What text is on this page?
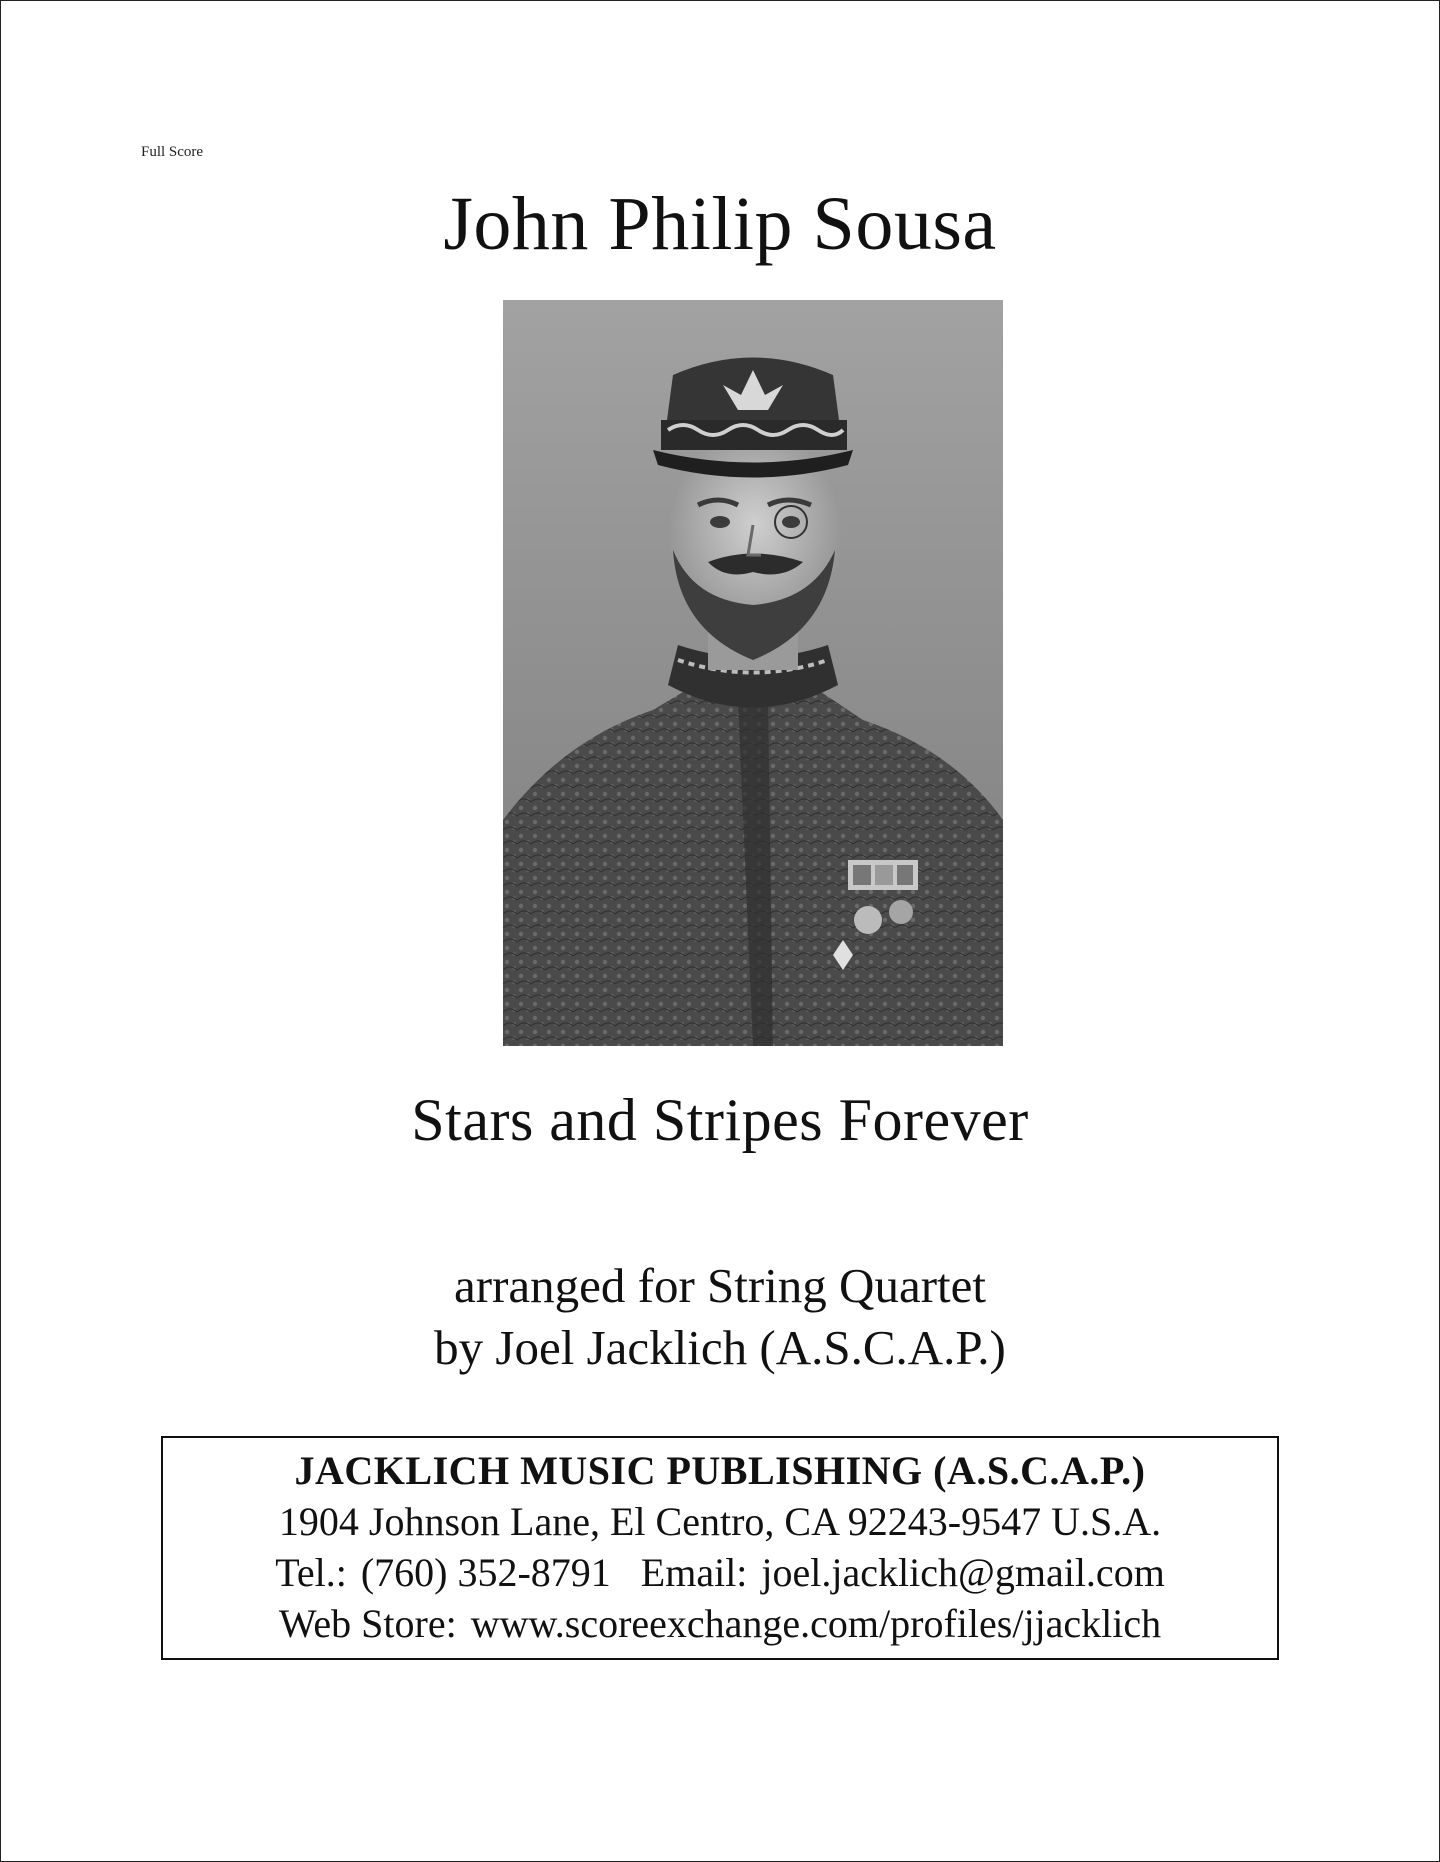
Full Score
John Philip Sousa
Stars and Stripes Forever
arranged for String Quartet
by Joel Jacklich (A.S.C.A.P.)
JACKLICH MUSIC PUBLISHING (A.S.C.A.P.)
1904 Johnson Lane, El Centro, CA 92243-9547 U.S.A.
Tel.: (760) 352-8791 Email: joel.jacklich@gmail.com
Web Store: www.scoreexchange.com/profiles/jjacklich
